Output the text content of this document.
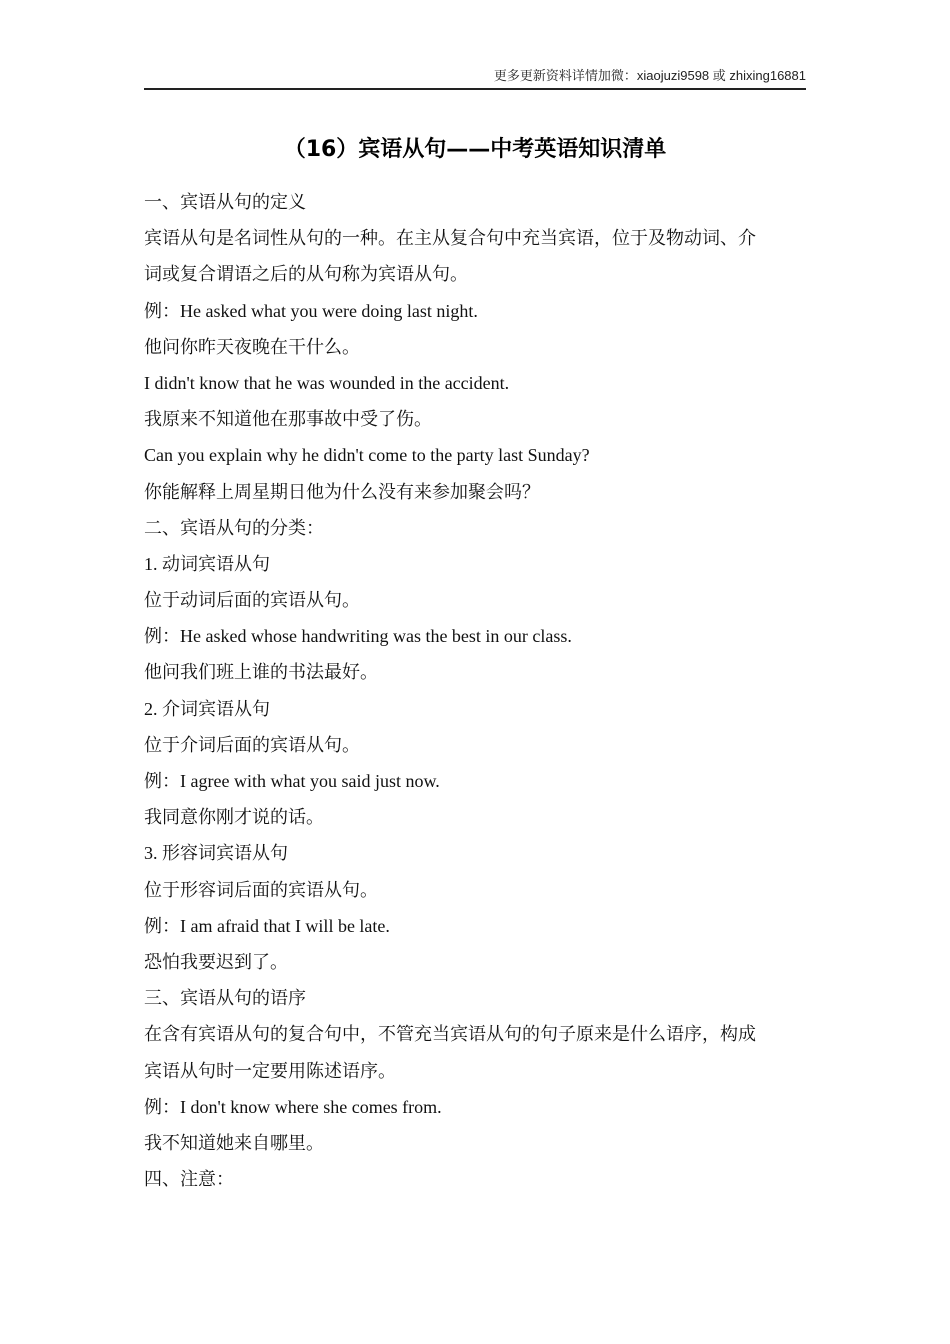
更多更新资料详情加微：xiaojuzi9598 或 zhixing16881
（16）宾语从句——中考英语知识清单
一、宾语从句的定义
宾语从句是名词性从句的一种。在主从复合句中充当宾语，位于及物动词、介
词或复合谓语之后的从句称为宾语从句。
例：He asked what you were doing last night.
他问你昨天夜晚在干什么。
I didn't know that he was wounded in the accident.
我原来不知道他在那事故中受了伤。
Can you explain why he didn't come to the party last Sunday?
你能解释上周星期日他为什么没有来参加聚会吗？
二、宾语从句的分类：
1. 动词宾语从句
位于动词后面的宾语从句。
例：He asked whose handwriting was the best in our class.
他问我们班上谁的书法最好。
2. 介词宾语从句
位于介词后面的宾语从句。
例：I agree with what you said just now.
我同意你刚才说的话。
3. 形容词宾语从句
位于形容词后面的宾语从句。
例：I am afraid that I will be late.
恐怕我要迟到了。
三、宾语从句的语序
在含有宾语从句的复合句中，不管充当宾语从句的句子原来是什么语序，构成
宾语从句时一定要用陈述语序。
例：I don't know where she comes from.
我不知道她来自哪里。
四、注意：
